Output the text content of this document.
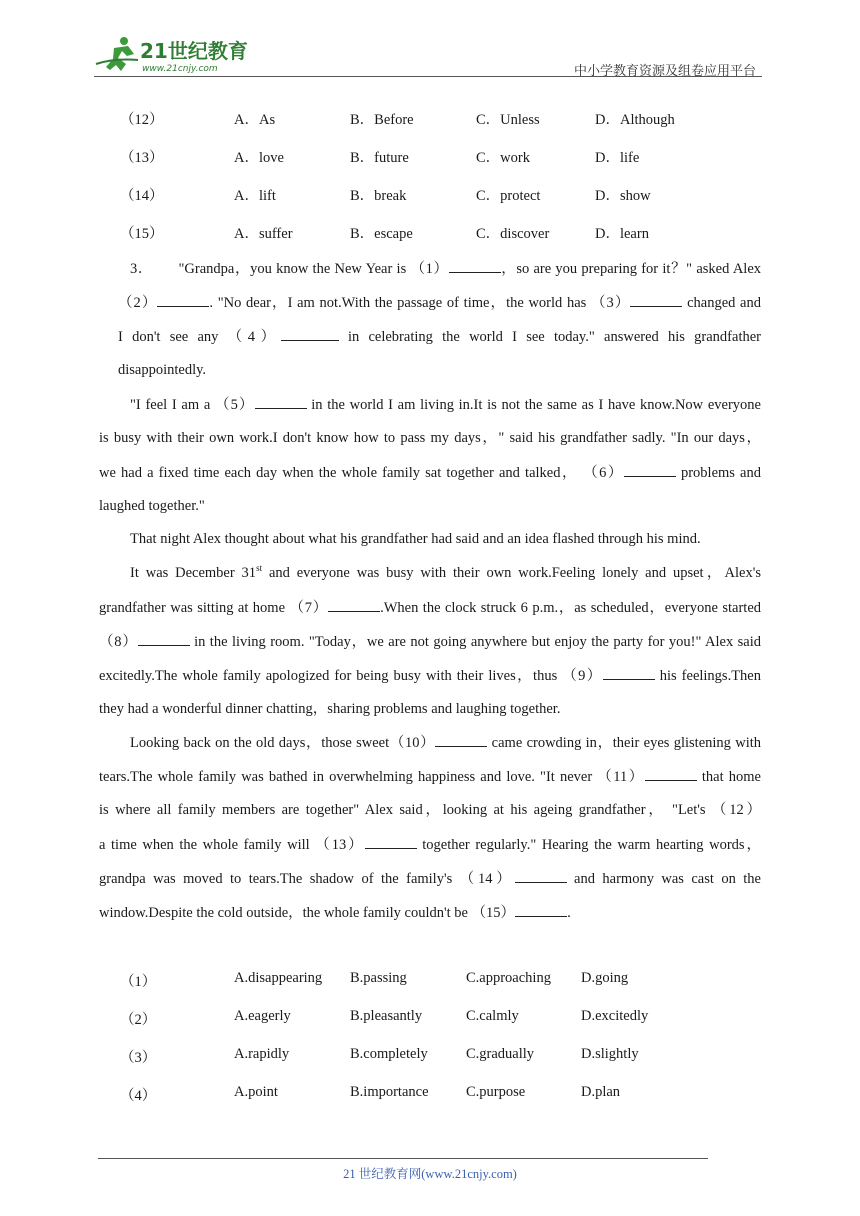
21世纪教育
www.21cnjy.com	中小学教育资源及组卷应用平台
（12）	A．As	B．Before	C．Unless	D．Although
（13）	A．love	B．future	C．work	D．life
（14）	A．lift	B．break	C．protect	D．show
（15）	A．suffer	B．escape	C．discover	D．learn
3． "Grandpa，you know the New Year is （1）	，so are you preparing for it？" asked Alex
（2）	. "No dear，I am not.With the passage of time，the world has （3）	changed and
I don't see any （4）	in celebrating the world I see today." answered his grandfather
disappointedly.
"I feel I am a （5）	in the world I am living in.It is not the same as I have know.Now everyone
is busy with their own work.I don't know how to pass my days，" said his grandfather sadly. "In our days，
we had a fixed time each day when the whole family sat together and talked， （6）	problems and
laughed together."
That night Alex thought about what his grandfather had said and an idea flashed through his mind.
It was December 31st and everyone was busy with their own work.Feeling lonely and upset，Alex's
grandfather was sitting at home （7）	.When the clock struck 6 p.m.，as scheduled，everyone started
（8）	in the living room. "Today，we are not going anywhere but enjoy the party for you!" Alex said
excitedly.The whole family apologized for being busy with their lives，thus （9）	his feelings.Then
they had a wonderful dinner chatting，sharing problems and laughing together.
Looking back on the old days，those sweet（10）	came crowding in，their eyes glistening with
tears.The whole family was bathed in overwhelming happiness and love. "It never （11）	that home
is where all family members are together" Alex said，looking at his ageing grandfather， "Let's （12）
a time when the whole family will （13）	together regularly." Hearing the warm hearting words，
grandpa was moved to tears.The shadow of the family's （14）	and harmony was cast on the
window.Despite the cold outside，the whole family couldn't be （15）	.
（1）	A.disappearing B.passing	C.approaching D.going
（2）	A.eagerly	B.pleasantly	C.calmly	D.excitedly
（3）	A.rapidly	B.completely	C.gradually	D.slightly
（4）	A.point	B.importance	C.purpose	D.plan
21 世纪教育网(www.21cnjy.com)
